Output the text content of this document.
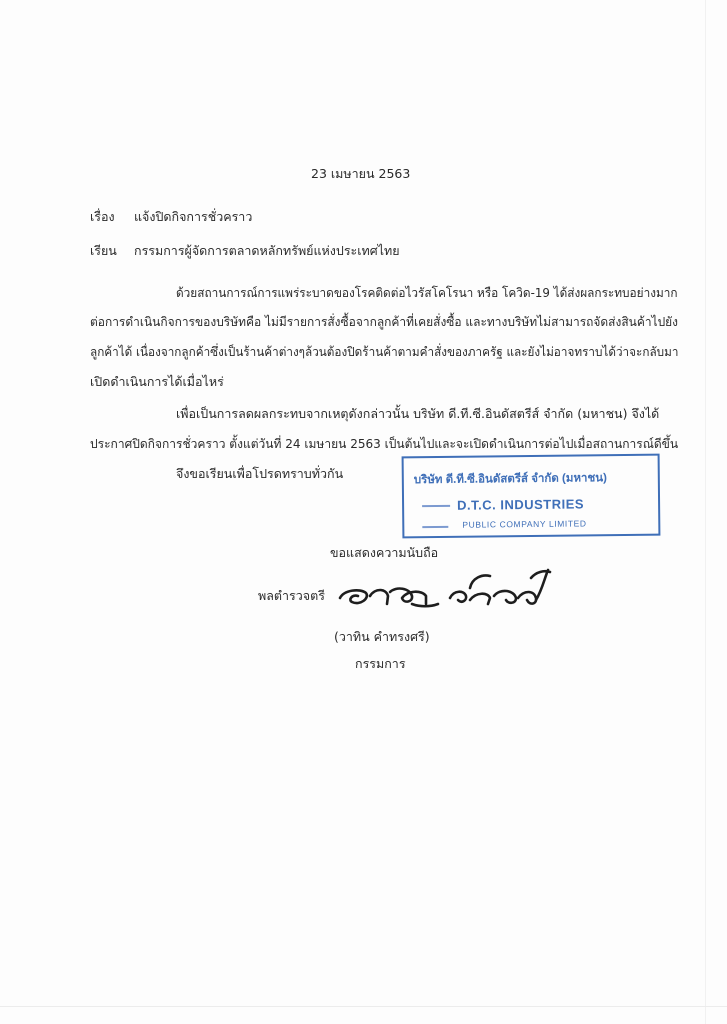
23 เมษายน 2563
เรื่อง แจ้งปิดกิจการชั่วคราว
เรียน กรรมการผู้จัดการตลาดหลักทรัพย์แห่งประเทศไทย
ด้วยสถานการณ์การแพร่ระบาดของโรคติดต่อไวรัสโคโรนา หรือ โควิด-19 ได้ส่งผลกระทบอย่างมาก
ต่อการดำเนินกิจการของบริษัทคือ ไม่มีรายการสั่งซื้อจากลูกค้าที่เคยสั่งซื้อ และทางบริษัทไม่สามารถจัดส่งสินค้าไปยัง
ลูกค้าได้ เนื่องจากลูกค้าซึ่งเป็นร้านค้าต่างๆล้วนต้องปิดร้านค้าตามคำสั่งของภาครัฐ และยังไม่อาจทราบได้ว่าจะกลับมา
เปิดดำเนินการได้เมื่อไหร่
เพื่อเป็นการลดผลกระทบจากเหตุดังกล่าวนั้น บริษัท ดี.ที.ซี.อินดัสตรีส์ จำกัด (มหาชน) จึงได้
ประกาศปิดกิจการชั่วคราว ตั้งแต่วันที่ 24 เมษายน 2563 เป็นต้นไปและจะเปิดดำเนินการต่อไปเมื่อสถานการณ์ดีขึ้น
จึงขอเรียนเพื่อโปรดทราบทั่วกัน	บริษัท ดี.ที.ซี.อินดัสตรีส์ จำกัด (มหาชน)
D.T.C. INDUSTRIES
PUBLIC COMPANY LIMITED
ขอแสดงความนับถือ
พลตำรวจตรี
(วาทิน คำทรงศรี)
กรรมการ
